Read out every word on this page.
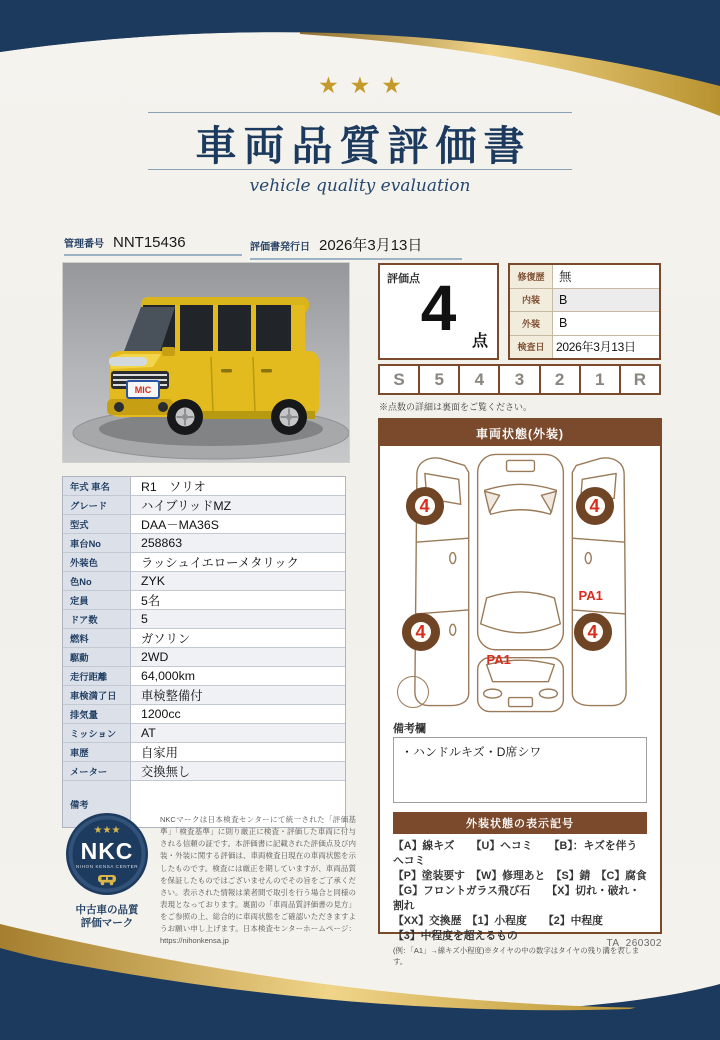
★★★
車両品質評価書
vehicle quality evaluation
管理番号 NNT15436	評価書発行日 2026年3月13日
MIC
評価点 4 点
修復歴	無
内装	B
外装	B
検査日 2026年3月13日
S	5	4	3	2	1	R
※点数の詳細は裏面をご覧ください。
車両状態(外装)
4	4
4	4
PA1
PA1
備考欄
・ハンドルキズ・D席シワ
外装状態の表示記号
【A】線キズ　　【U】ヘコミ　　【B】：キズを伴うヘコミ
【P】塗装要す　【W】修理あと　【S】錆　【C】腐食
【G】フロントガラス飛び石　　【X】切れ・破れ・割れ
【XX】交換歴　【1】小程度　　【2】中程度
【3】中程度を超えるもの
(例：「A1」→線キズ小程度)※タイヤの中の数字はタイヤの残り溝を表します。
TA_260302
年式 車名	R1　ソリオ
グレード	ハイブリッドMZ
型式	DAA－MA36S
車台No	258863
外装色	ラッシュイエローメタリック
色No	ZYK
定員	5名
ドア数	5
燃料	ガソリン
駆動	2WD
走行距離	64,000km
車検満了日	車検整備付
排気量	1200cc
ミッション	AT
車歴	自家用
メーター	交換無し
備考
★★★
NKC
NIHON KENSA CENTER
中古車の品質
評価マーク
NKCマークは日本検査センターにて統一された「評価基準」「検査基準」に則り厳正に検査・評価した車両に付与される信頼の証です。本評価書に記載された評価点及び内装・外装に関する評価は、車両検査日現在の車両状態を示したものです。検査には厳正を期していますが、車両品質を保証したものではございませんのでその旨をご了承ください。表示された情報は業者間で取引を行う場合と同様の表現となっております。裏面の「車両品質評価書の見方」をご参照の上、総合的に車両状態をご確認いただきますようお願い申し上げます。日本検査センターホームページ：https://nihonkensa.jp
